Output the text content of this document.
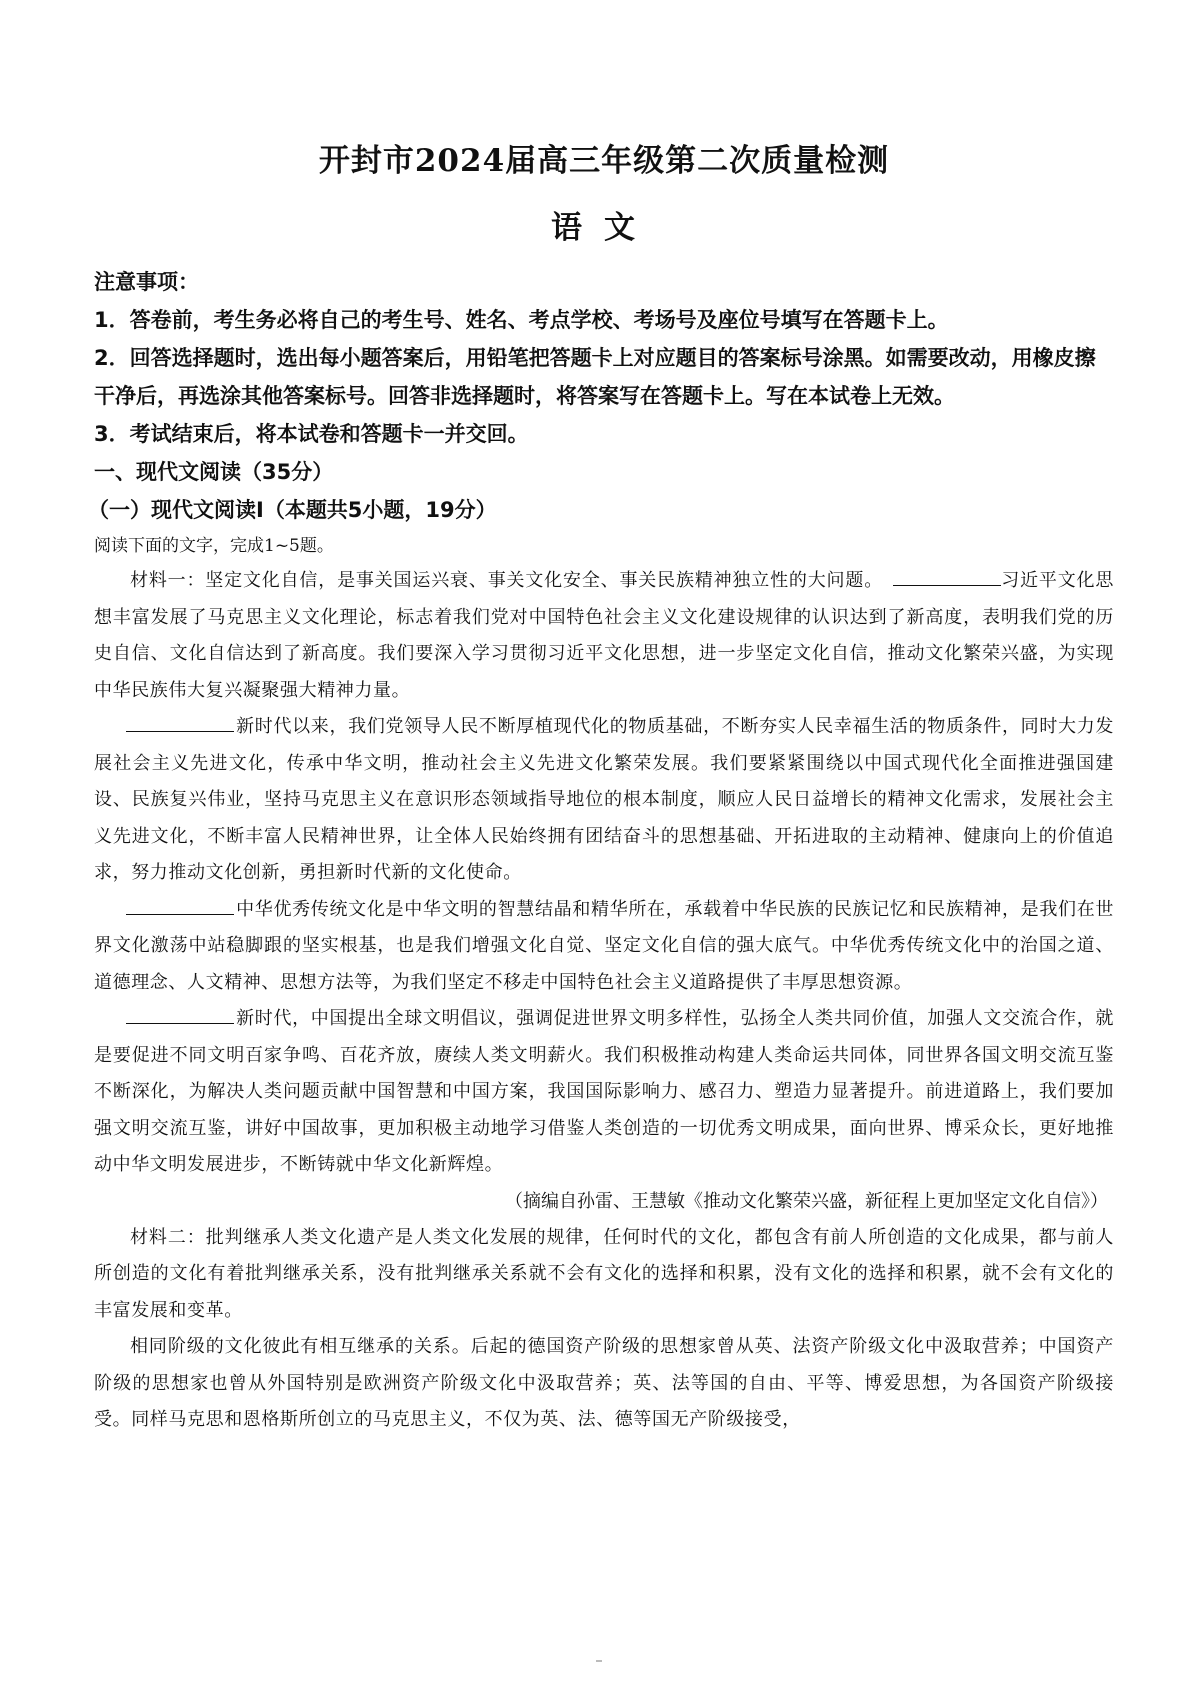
开封市2024届高三年级第二次质量检测
语文

注意事项：

1．答卷前，考生务必将自己的考生号、姓名、考点学校、考场号及座位号填写在答题卡上。

2．回答选择题时，选出每小题答案后，用铅笔把答题卡上对应题目的答案标号涂黑。如需要改动，用橡皮擦干净后，再选涂其他答案标号。回答非选择题时，将答案写在答题卡上。写在本试卷上无效。

3．考试结束后，将本试卷和答题卡一并交回。

一、现代文阅读（35分）

（一）现代文阅读Ⅰ（本题共5小题，19分）

阅读下面的文字，完成1~5题。

材料一：坚定文化自信，是事关国运兴衰、事关文化安全、事关民族精神独立性的大问题。	习近平文化思想丰富发展了马克思主义文化理论，标志着我们党对中国特色社会主义文化建设规律的认识达到了新高度，表明我们党的历史自信、文化自信达到了新高度。我们要深入学习贯彻习近平文化思想，进一步坚定文化自信，推动文化繁荣兴盛，为实现中华民族伟大复兴凝聚强大精神力量。

新时代以来，我们党领导人民不断厚植现代化的物质基础，不断夯实人民幸福生活的物质条件，同时大力发展社会主义先进文化，传承中华文明，推动社会主义先进文化繁荣发展。我们要紧紧围绕以中国式现代化全面推进强国建设、民族复兴伟业，坚持马克思主义在意识形态领域指导地位的根本制度，顺应人民日益增长的精神文化需求，发展社会主义先进文化，不断丰富人民精神世界，让全体人民始终拥有团结奋斗的思想基础、开拓进取的主动精神、健康向上的价值追求，努力推动文化创新，勇担新时代新的文化使命。

中华优秀传统文化是中华文明的智慧结晶和精华所在，承载着中华民族的民族记忆和民族精神，是我们在世界文化激荡中站稳脚跟的坚实根基，也是我们增强文化自觉、坚定文化自信的强大底气。中华优秀传统文化中的治国之道、道德理念、人文精神、思想方法等，为我们坚定不移走中国特色社会主义道路提供了丰厚思想资源。

新时代，中国提出全球文明倡议，强调促进世界文明多样性，弘扬全人类共同价值，加强人文交流合作，就是要促进不同文明百家争鸣、百花齐放，赓续人类文明薪火。我们积极推动构建人类命运共同体，同世界各国文明交流互鉴不断深化，为解决人类问题贡献中国智慧和中国方案，我国国际影响力、感召力、塑造力显著提升。前进道路上，我们要加强文明交流互鉴，讲好中国故事，更加积极主动地学习借鉴人类创造的一切优秀文明成果，面向世界、博采众长，更好地推动中华文明发展进步，不断铸就中华文化新辉煌。

（摘编自孙雷、王慧敏《推动文化繁荣兴盛，新征程上更加坚定文化自信》）

材料二：批判继承人类文化遗产是人类文化发展的规律，任何时代的文化，都包含有前人所创造的文化成果，都与前人所创造的文化有着批判继承关系，没有批判继承关系就不会有文化的选择和积累，没有文化的选择和积累，就不会有文化的丰富发展和变革。

相同阶级的文化彼此有相互继承的关系。后起的德国资产阶级的思想家曾从英、法资产阶级文化中汲取营养；中国资产阶级的思想家也曾从外国特别是欧洲资产阶级文化中汲取营养；英、法等国的自由、平等、博爱思想，为各国资产阶级接受。同样马克思和恩格斯所创立的马克思主义，不仅为英、法、德等国无产阶级接受，
